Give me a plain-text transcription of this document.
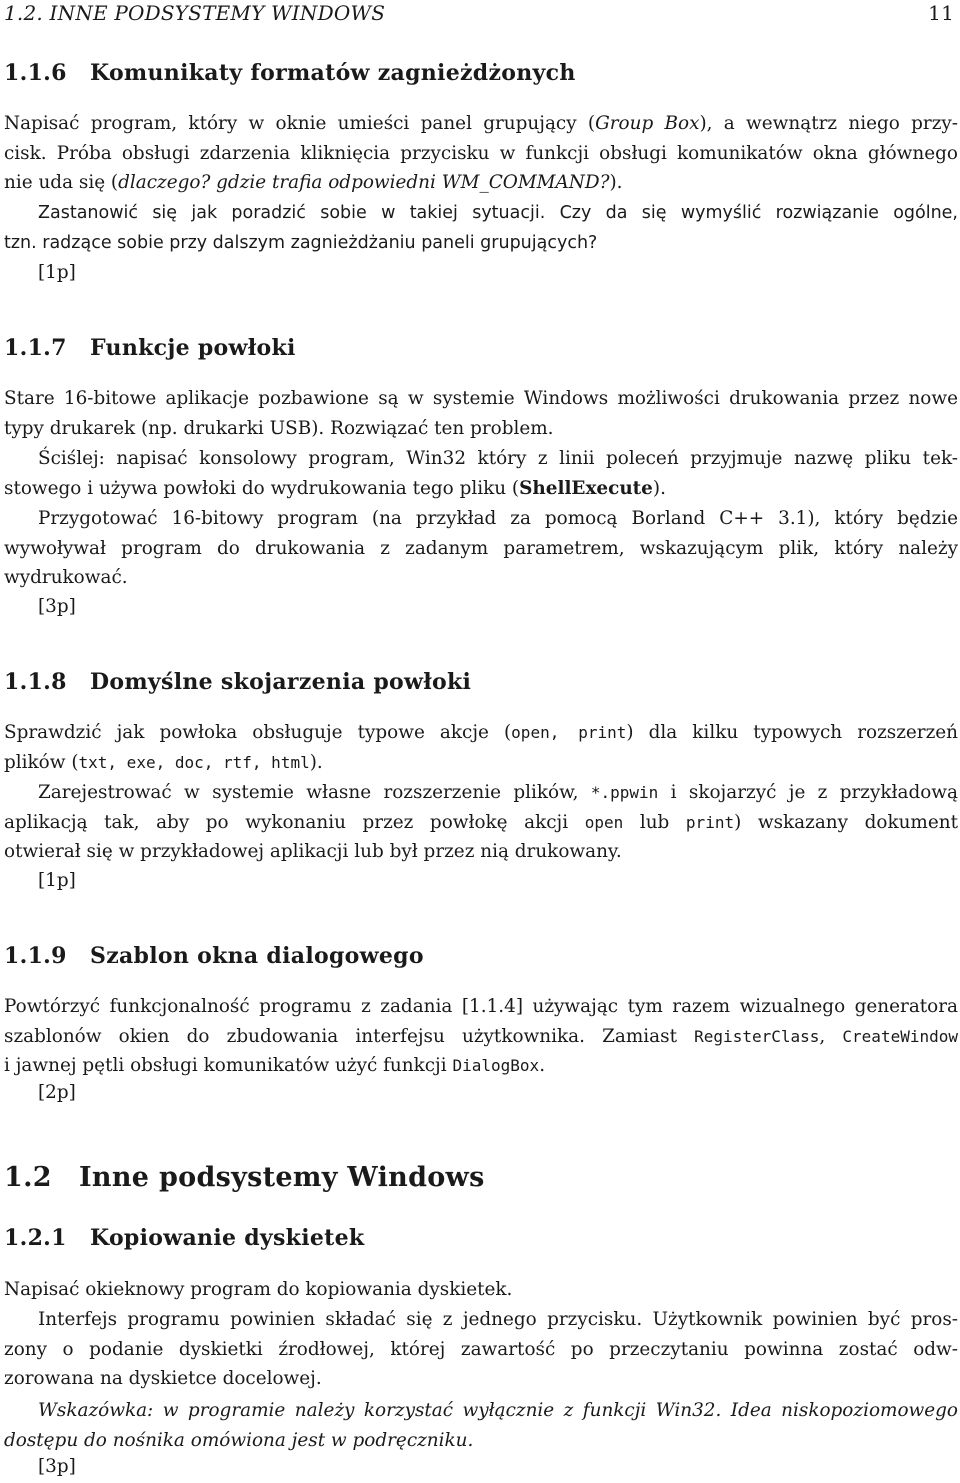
1.2. INNE PODSYSTEMY WINDOWS	11
1.1.6 Komunikaty formatów zagnieżdżonych
Napisać program, który w oknie umieści panel grupujący (Group Box), a wewnątrz niego przy-
cisk. Próba obsługi zdarzenia kliknięcia przycisku w funkcji obsługi komunikatów okna głównego
nie uda się (dlaczego? gdzie trafia odpowiedni WM_COMMAND?).
Zastanowić się jak poradzić sobie w takiej sytuacji. Czy da się wymyślić rozwiązanie ogólne,
tzn. radzące sobie przy dalszym zagnieżdżaniu paneli grupujących?
[1p]
1.1.7 Funkcje powłoki
Stare 16-bitowe aplikacje pozbawione są w systemie Windows możliwości drukowania przez nowe
typy drukarek (np. drukarki USB). Rozwiązać ten problem.
Ściślej: napisać konsolowy program, Win32 który z linii poleceń przyjmuje nazwę pliku tek-
stowego i używa powłoki do wydrukowania tego pliku (ShellExecute).
Przygotować 16-bitowy program (na przykład za pomocą Borland C++ 3.1), który będzie
wywoływał program do drukowania z zadanym parametrem, wskazującym plik, który należy
wydrukować.
[3p]
1.1.8 Domyślne skojarzenia powłoki
Sprawdzić jak powłoka obsługuje typowe akcje (open, print) dla kilku typowych rozszerzeń
plików (txt, exe, doc, rtf, html).
Zarejestrować w systemie własne rozszerzenie plików, *.ppwin i skojarzyć je z przykładową
aplikacją tak, aby po wykonaniu przez powłokę akcji open lub print) wskazany dokument
otwierał się w przykładowej aplikacji lub był przez nią drukowany.
[1p]
1.1.9 Szablon okna dialogowego
Powtórzyć funkcjonalność programu z zadania [1.1.4] używając tym razem wizualnego generatora
szablonów okien do zbudowania interfejsu użytkownika. Zamiast RegisterClass, CreateWindow
i jawnej pętli obsługi komunikatów użyć funkcji DialogBox.
[2p]
1.2 Inne podsystemy Windows
1.2.1 Kopiowanie dyskietek
Napisać okieknowy program do kopiowania dyskietek.
Interfejs programu powinien składać się z jednego przycisku. Użytkownik powinien być pros-
zony o podanie dyskietki źrodłowej, której zawartość po przeczytaniu powinna zostać odw-
zorowana na dyskietce docelowej.
Wskazówka: w programie należy korzystać wyłącznie z funkcji Win32. Idea niskopoziomowego
dostępu do nośnika omówiona jest w podręczniku.
[3p]
